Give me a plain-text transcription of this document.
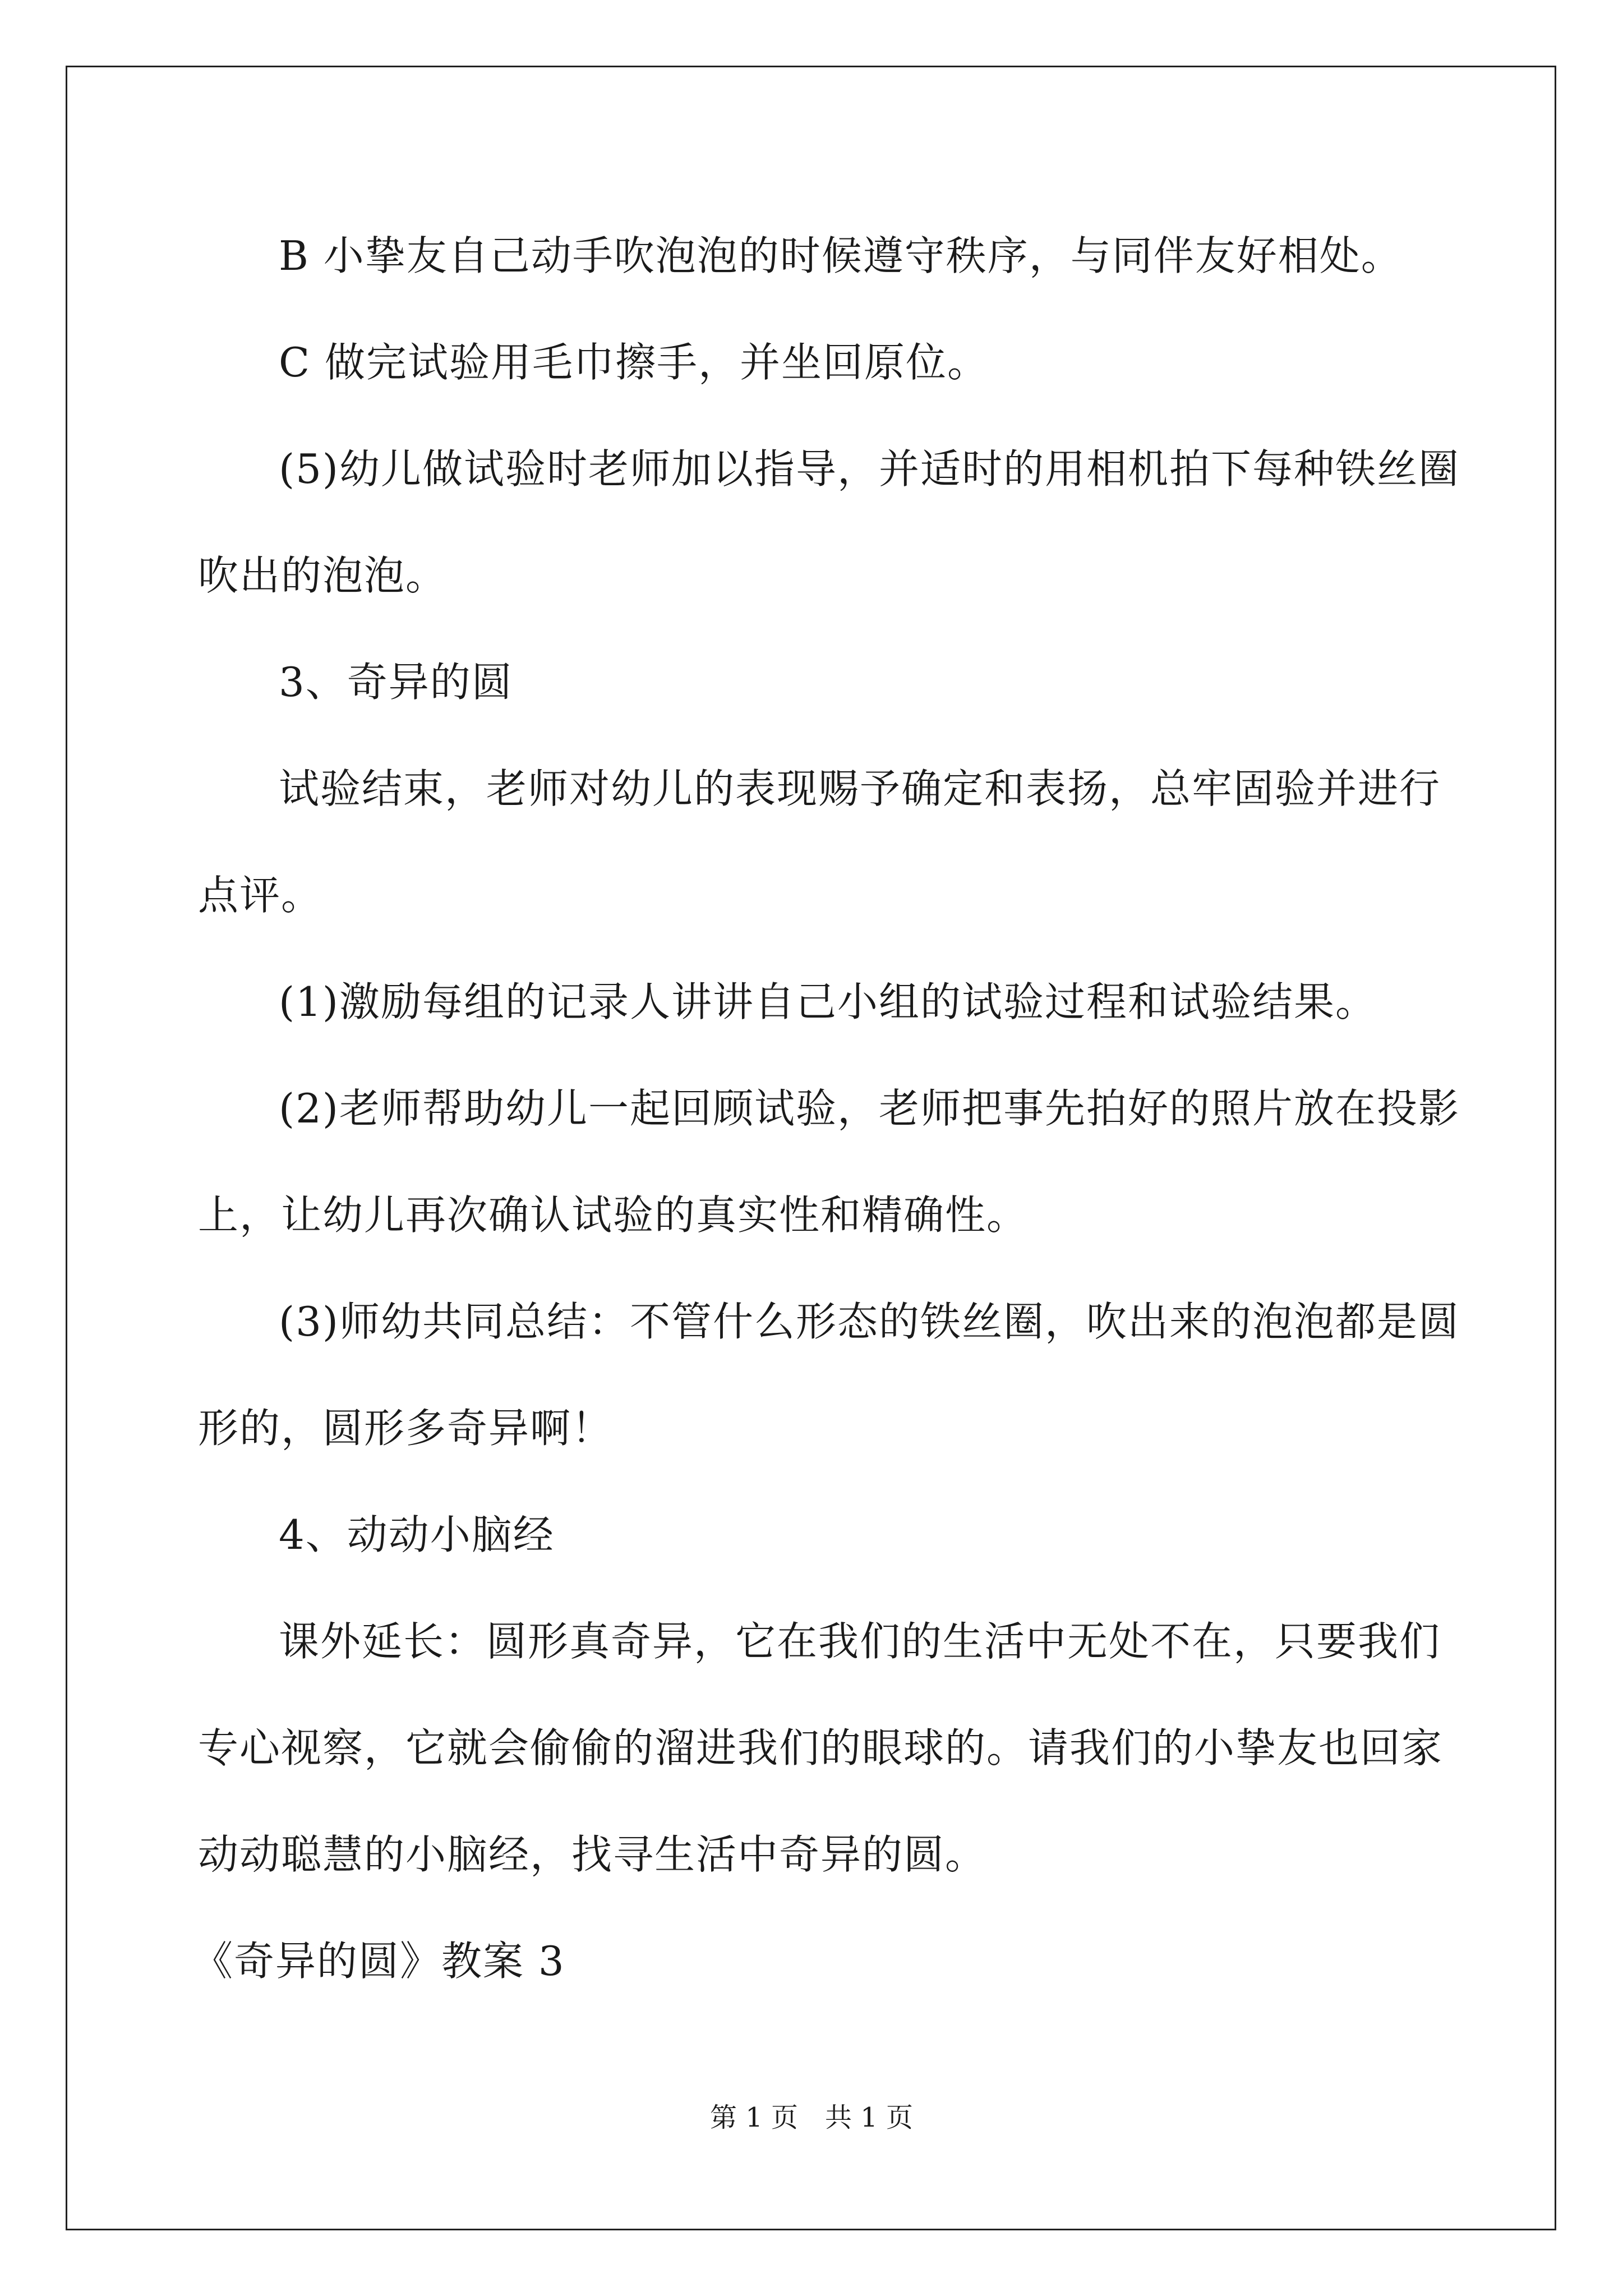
B 小挚友自己动手吹泡泡的时候遵守秩序，与同伴友好相处。
C 做完试验用毛巾擦手，并坐回原位。
(5)幼儿做试验时老师加以指导，并适时的用相机拍下每种铁丝圈
吹出的泡泡。
3、奇异的圆
试验结束，老师对幼儿的表现赐予确定和表扬，总牢固验并进行
点评。
(1)激励每组的记录人讲讲自己小组的试验过程和试验结果。
(2)老师帮助幼儿一起回顾试验，老师把事先拍好的照片放在投影
上，让幼儿再次确认试验的真实性和精确性。
(3)师幼共同总结：不管什么形态的铁丝圈，吹出来的泡泡都是圆
形的，圆形多奇异啊！
4、动动小脑经
课外延长：圆形真奇异，它在我们的生活中无处不在，只要我们
专心视察，它就会偷偷的溜进我们的眼球的。请我们的小挚友也回家
动动聪慧的小脑经，找寻生活中奇异的圆。
《奇异的圆》教案 3
第 1 页　共 1 页
